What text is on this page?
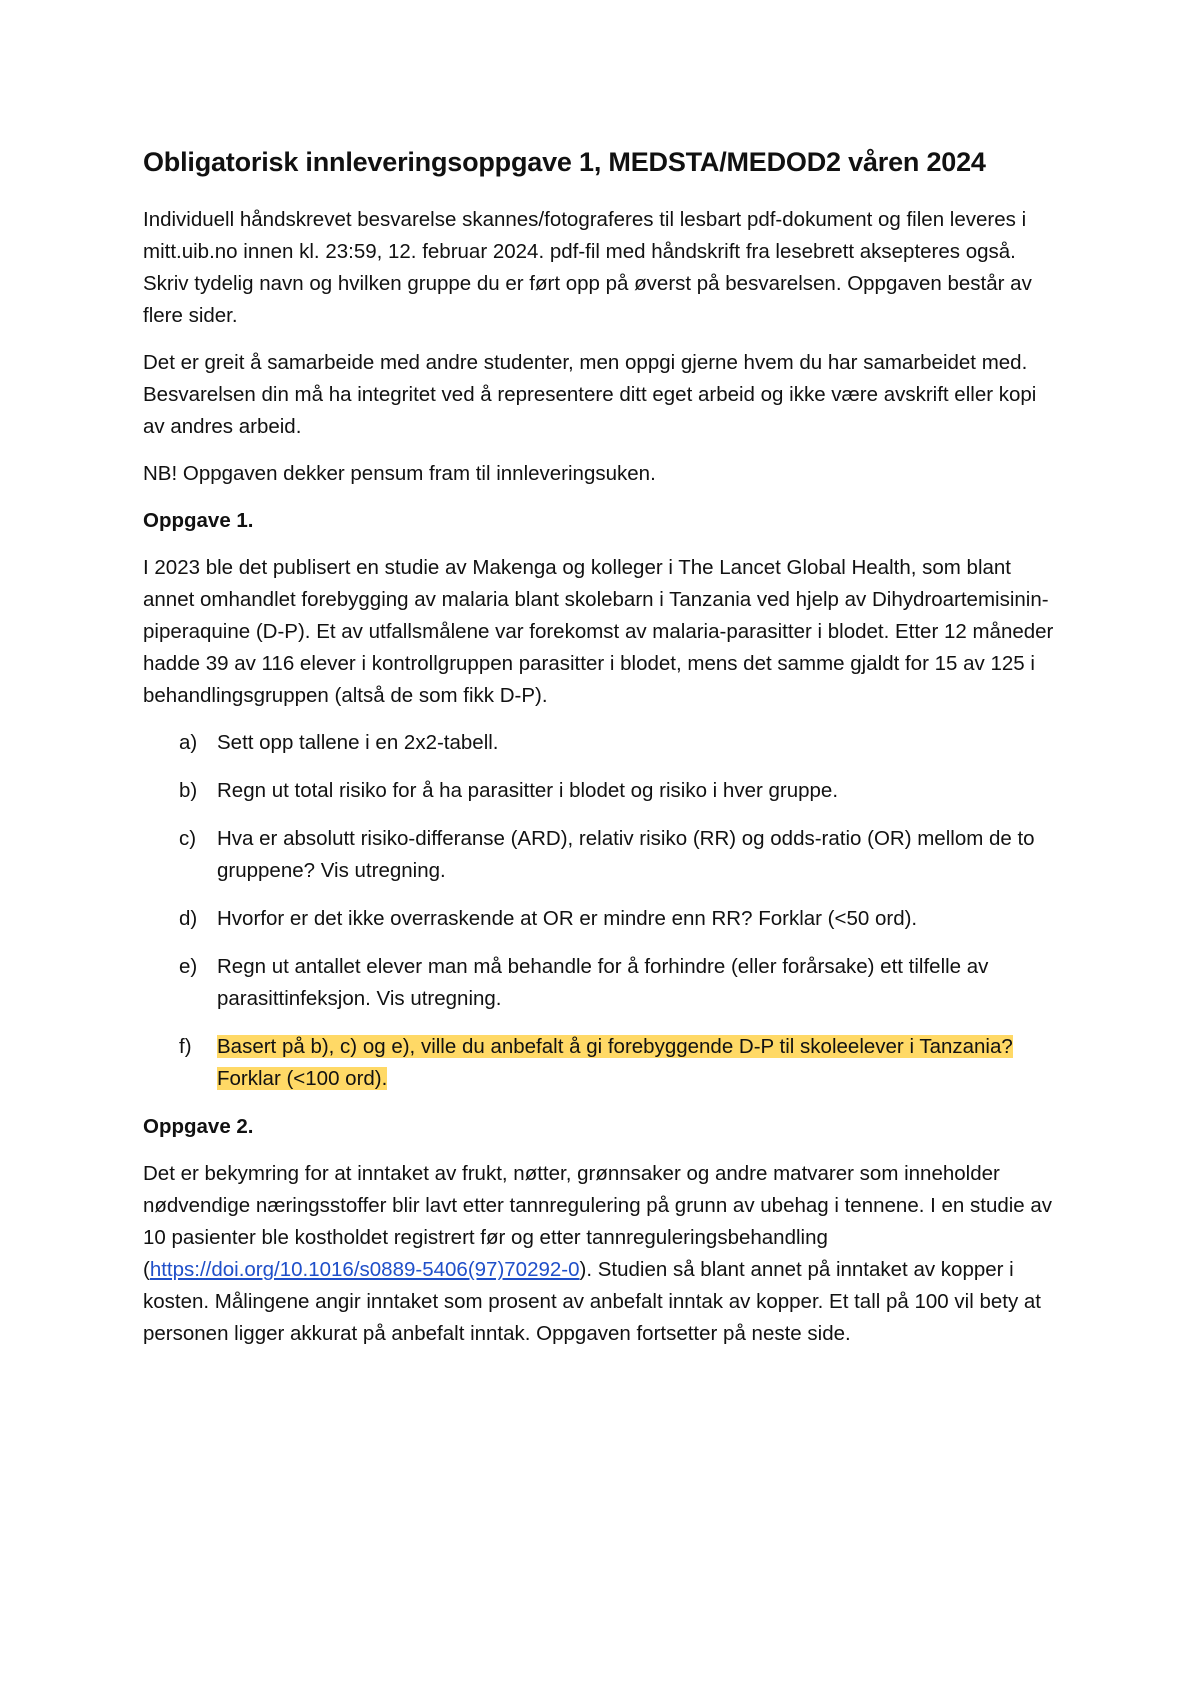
Obligatorisk innleveringsoppgave 1, MEDSTA/MEDOD2 våren 2024

Individuell håndskrevet besvarelse skannes/fotograferes til lesbart pdf-dokument og filen leveres i mitt.uib.no innen kl. 23:59, 12. februar 2024. pdf-fil med håndskrift fra lesebrett aksepteres også. Skriv tydelig navn og hvilken gruppe du er ført opp på øverst på besvarelsen. Oppgaven består av flere sider.

Det er greit å samarbeide med andre studenter, men oppgi gjerne hvem du har samarbeidet med. Besvarelsen din må ha integritet ved å representere ditt eget arbeid og ikke være avskrift eller kopi av andres arbeid.

NB! Oppgaven dekker pensum fram til innleveringsuken.

Oppgave 1.

I 2023 ble det publisert en studie av Makenga og kolleger i The Lancet Global Health, som blant annet omhandlet forebygging av malaria blant skolebarn i Tanzania ved hjelp av Dihydroartemisinin-piperaquine (D-P). Et av utfallsmålene var forekomst av malaria-parasitter i blodet. Etter 12 måneder hadde 39 av 116 elever i kontrollgruppen parasitter i blodet, mens det samme gjaldt for 15 av 125 i behandlingsgruppen (altså de som fikk D-P).

a) Sett opp tallene i en 2x2-tabell.
b) Regn ut total risiko for å ha parasitter i blodet og risiko i hver gruppe.
c) Hva er absolutt risiko-differanse (ARD), relativ risiko (RR) og odds-ratio (OR) mellom de to gruppene? Vis utregning.
d) Hvorfor er det ikke overraskende at OR er mindre enn RR? Forklar (<50 ord).
e) Regn ut antallet elever man må behandle for å forhindre (eller forårsake) ett tilfelle av parasittinfeksjon. Vis utregning.
f) Basert på b), c) og e), ville du anbefalt å gi forebyggende D-P til skoleelever i Tanzania? Forklar (<100 ord).
Oppgave 2.

Det er bekymring for at inntaket av frukt, nøtter, grønnsaker og andre matvarer som inneholder nødvendige næringsstoffer blir lavt etter tannregulering på grunn av ubehag i tennene. I en studie av 10 pasienter ble kostholdet registrert før og etter tannreguleringsbehandling (https://doi.org/10.1016/s0889-5406(97)70292-0). Studien så blant annet på inntaket av kopper i kosten. Målingene angir inntaket som prosent av anbefalt inntak av kopper. Et tall på 100 vil bety at personen ligger akkurat på anbefalt inntak. Oppgaven fortsetter på neste side.
